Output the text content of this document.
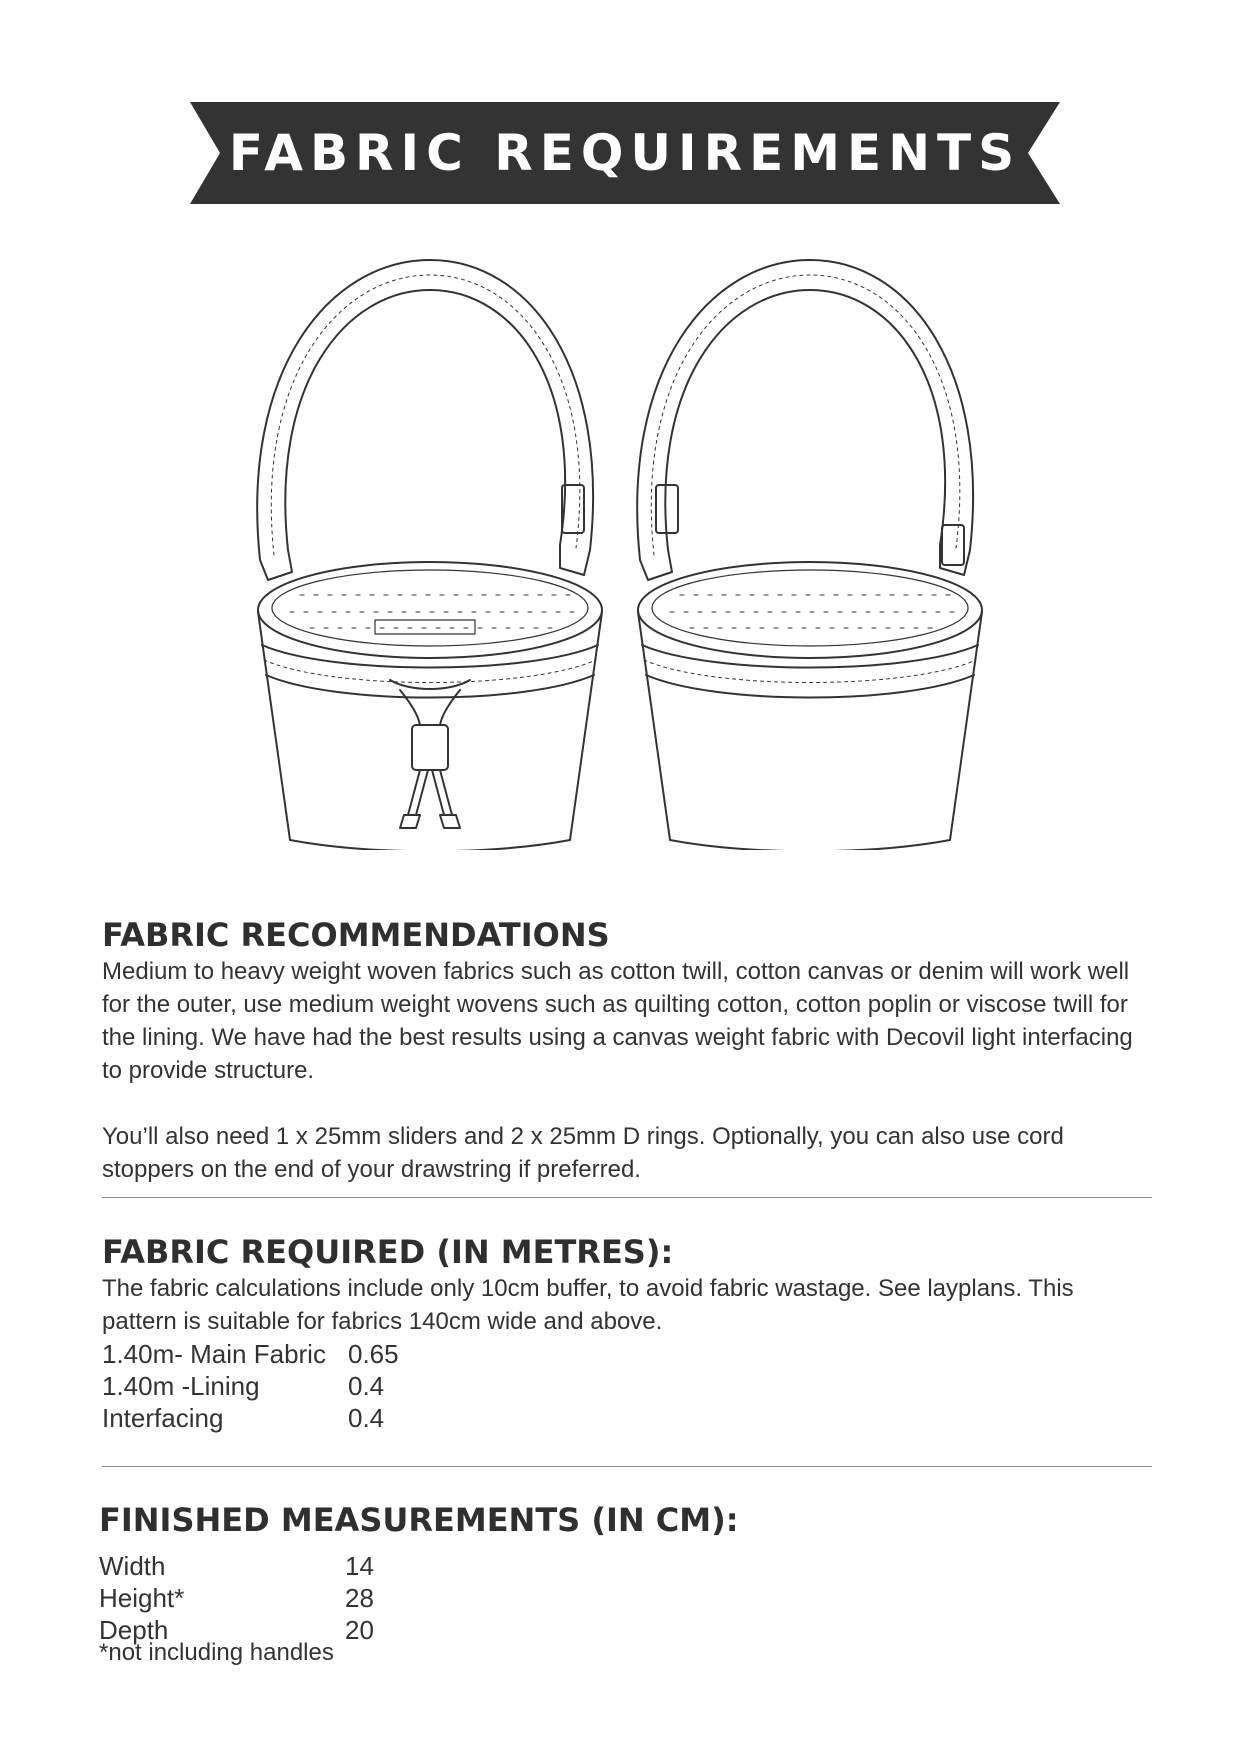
FABRIC REQUIREMENTS
FABRIC RECOMMENDATIONS

Medium to heavy weight woven fabrics such as cotton twill, cotton canvas or denim will work well for the outer, use medium weight wovens such as quilting cotton, cotton poplin or viscose twill for the lining. We have had the best results using a canvas weight fabric with Decovil light interfacing to provide structure.

You’ll also need 1 x 25mm sliders and 2 x 25mm D rings. Optionally, you can also use cord stoppers on the end of your drawstring if preferred.

FABRIC REQUIRED (IN METRES):

The fabric calculations include only 10cm buffer, to avoid fabric wastage. See layplans. This pattern is suitable for fabrics 140cm wide and above.

1.40m- Main Fabric 0.65
1.40m -Lining	0.4
Interfacing	0.4
FINISHED MEASUREMENTS (IN CM):
Width	14
Height*	28
Depth	20
*not including handles
